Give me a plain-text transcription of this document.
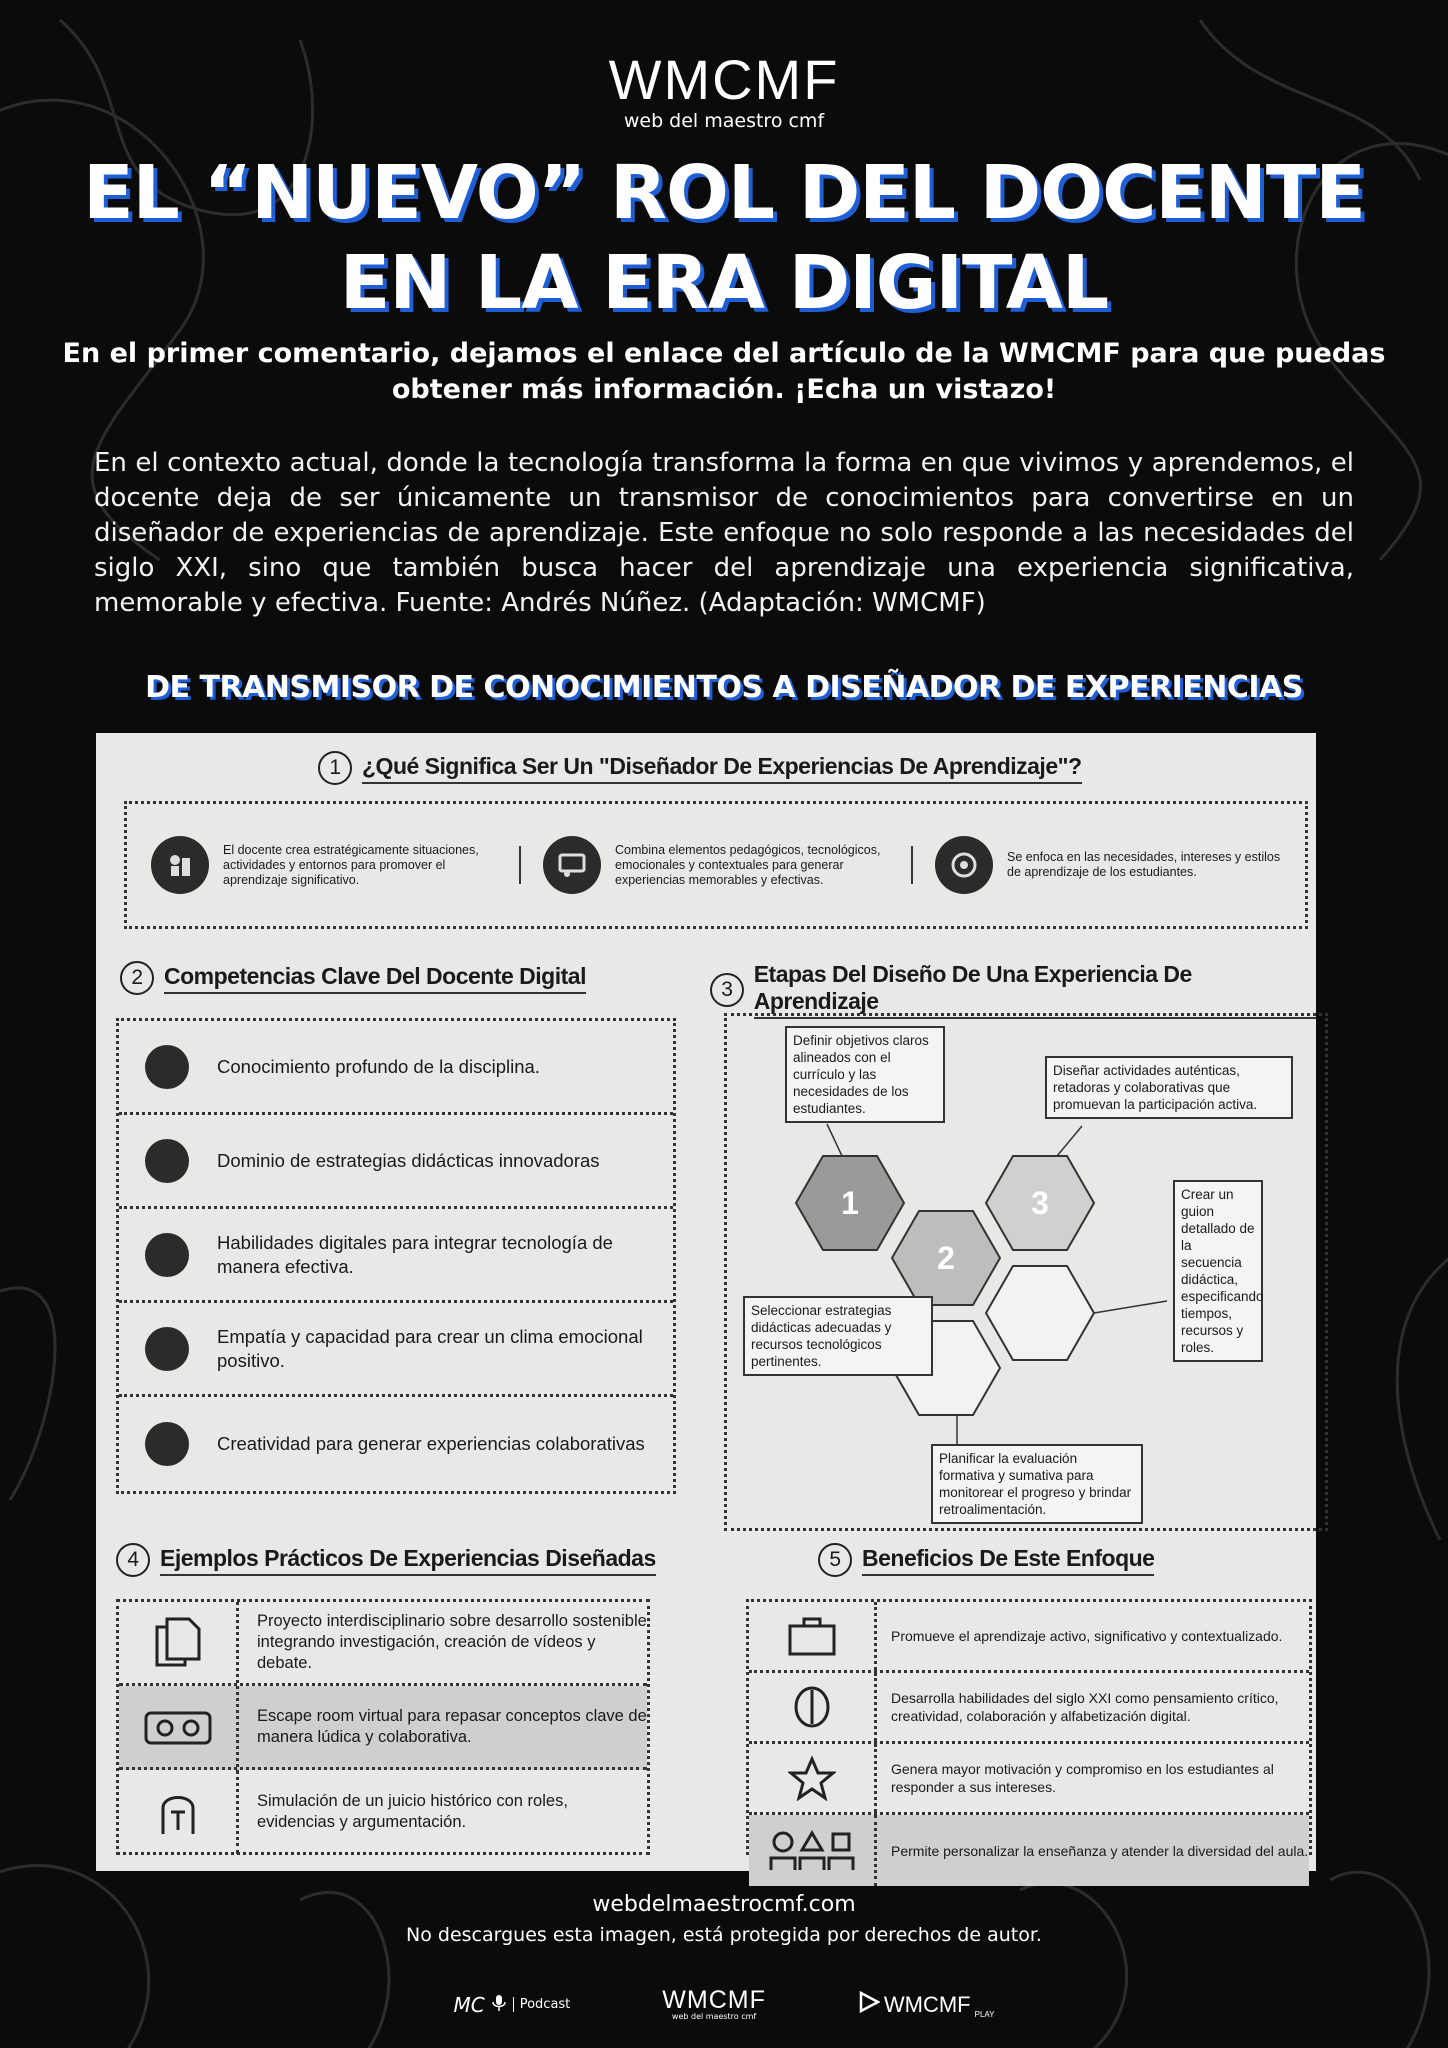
WMCMF
web del maestro cmf
EL “NUEVO” ROL DEL DOCENTE EN LA ERA DIGITAL

En el primer comentario, dejamos el enlace del artículo de la WMCMF para que puedas obtener más información. ¡Echa un vistazo!

En el contexto actual, donde la tecnología transforma la forma en que vivimos y aprendemos, el docente deja de ser únicamente un transmisor de conocimientos para convertirse en un diseñador de experiencias de aprendizaje. Este enfoque no solo responde a las necesidades del siglo XXI, sino que también busca hacer del aprendizaje una experiencia significativa, memorable y efectiva. Fuente: Andrés Núñez. (Adaptación: WMCMF)

DE TRANSMISOR DE CONOCIMIENTOS A DISEÑADOR DE EXPERIENCIAS
1 ¿Qué Significa Ser Un "Diseñador De Experiencias De Aprendizaje"?
El docente crea estratégicamente situaciones, actividades y entornos para promover el aprendizaje significativo.
Combina elementos pedagógicos, tecnológicos, emocionales y contextuales para generar experiencias memorables y efectivas.
Se enfoca en las necesidades, intereses y estilos de aprendizaje de los estudiantes.
2 Competencias Clave Del Docente Digital
Conocimiento profundo de la disciplina.
Dominio de estrategias didácticas innovadoras
Habilidades digitales para integrar tecnología de manera efectiva.
Empatía y capacidad para crear un clima emocional positivo.
Creatividad para generar experiencias colaborativas
3
Etapas Del Diseño De Una Experiencia De Aprendizaje
1
2
3
Definir objetivos claros alineados con el currículo y las necesidades de los estudiantes.
Diseñar actividades auténticas, retadoras y colaborativas que promuevan la participación activa.
Crear un guion detallado de la secuencia didáctica, especificando tiempos, recursos y roles.
Seleccionar estrategias didácticas adecuadas y recursos tecnológicos pertinentes.
Planificar la evaluación formativa y sumativa para monitorear el progreso y brindar retroalimentación.
4 Ejemplos Prácticos De Experiencias Diseñadas
Proyecto interdisciplinario sobre desarrollo sostenible integrando investigación, creación de vídeos y debate.
Escape room virtual para repasar conceptos clave de manera lúdica y colaborativa.
Simulación de un juicio histórico con roles, evidencias y argumentación.
5 Beneficios De Este Enfoque
Promueve el aprendizaje activo, significativo y contextualizado.
Desarrolla habilidades del siglo XXI como pensamiento crítico, creatividad, colaboración y alfabetización digital.
Genera mayor motivación y compromiso en los estudiantes al responder a sus intereses.
Permite personalizar la enseñanza y atender la diversidad del aula.
webdelmaestrocmf.com
No descargues esta imagen, está protegida por derechos de autor.
MC	Podcast	WMCMF
web del maestro cmf	WMCMF PLAY
